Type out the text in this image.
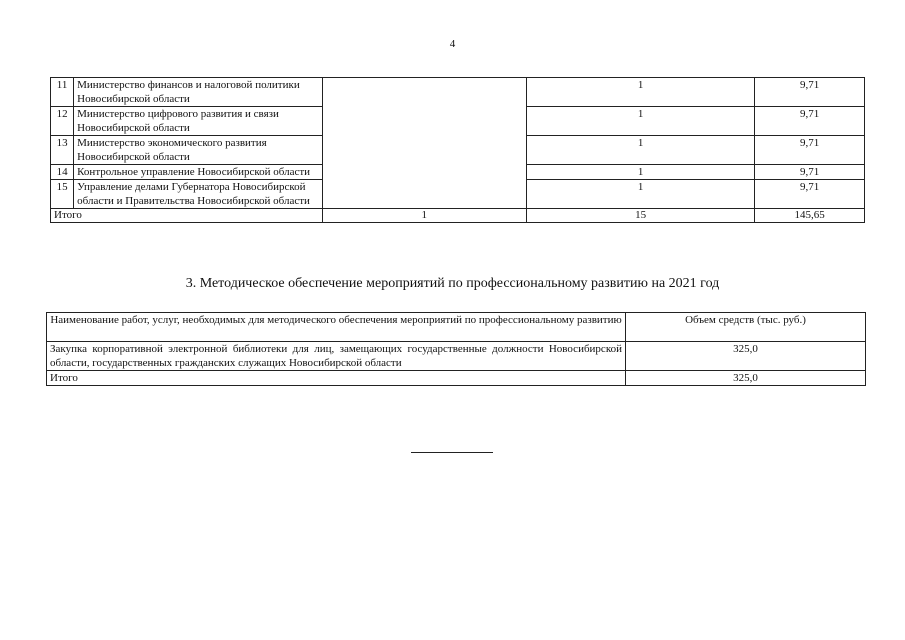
4
11	Министерство финансов и налоговой политики Новосибирской области		1	9,71
12	Министерство цифрового развития и связи Новосибирской области		1	9,71
13	Министерство экономического развития Новосибирской области		1	9,71
14	Контрольное управление Новосибирской области		1	9,71
15	Управление делами Губернатора Новосибирской области и Правительства Новосибирской области		1	9,71
Итого		1	15	145,65
3. Методическое обеспечение мероприятий по профессиональному развитию на 2021 год
Наименование работ, услуг, необходимых для методического обеспечения мероприятий по профессиональному развитию	Объем средств (тыс. руб.)
Закупка корпоративной электронной библиотеки для лиц, замещающих государственные должности Новосибирской области, государственных гражданских служащих Новосибирской области	325,0
Итого	325,0
